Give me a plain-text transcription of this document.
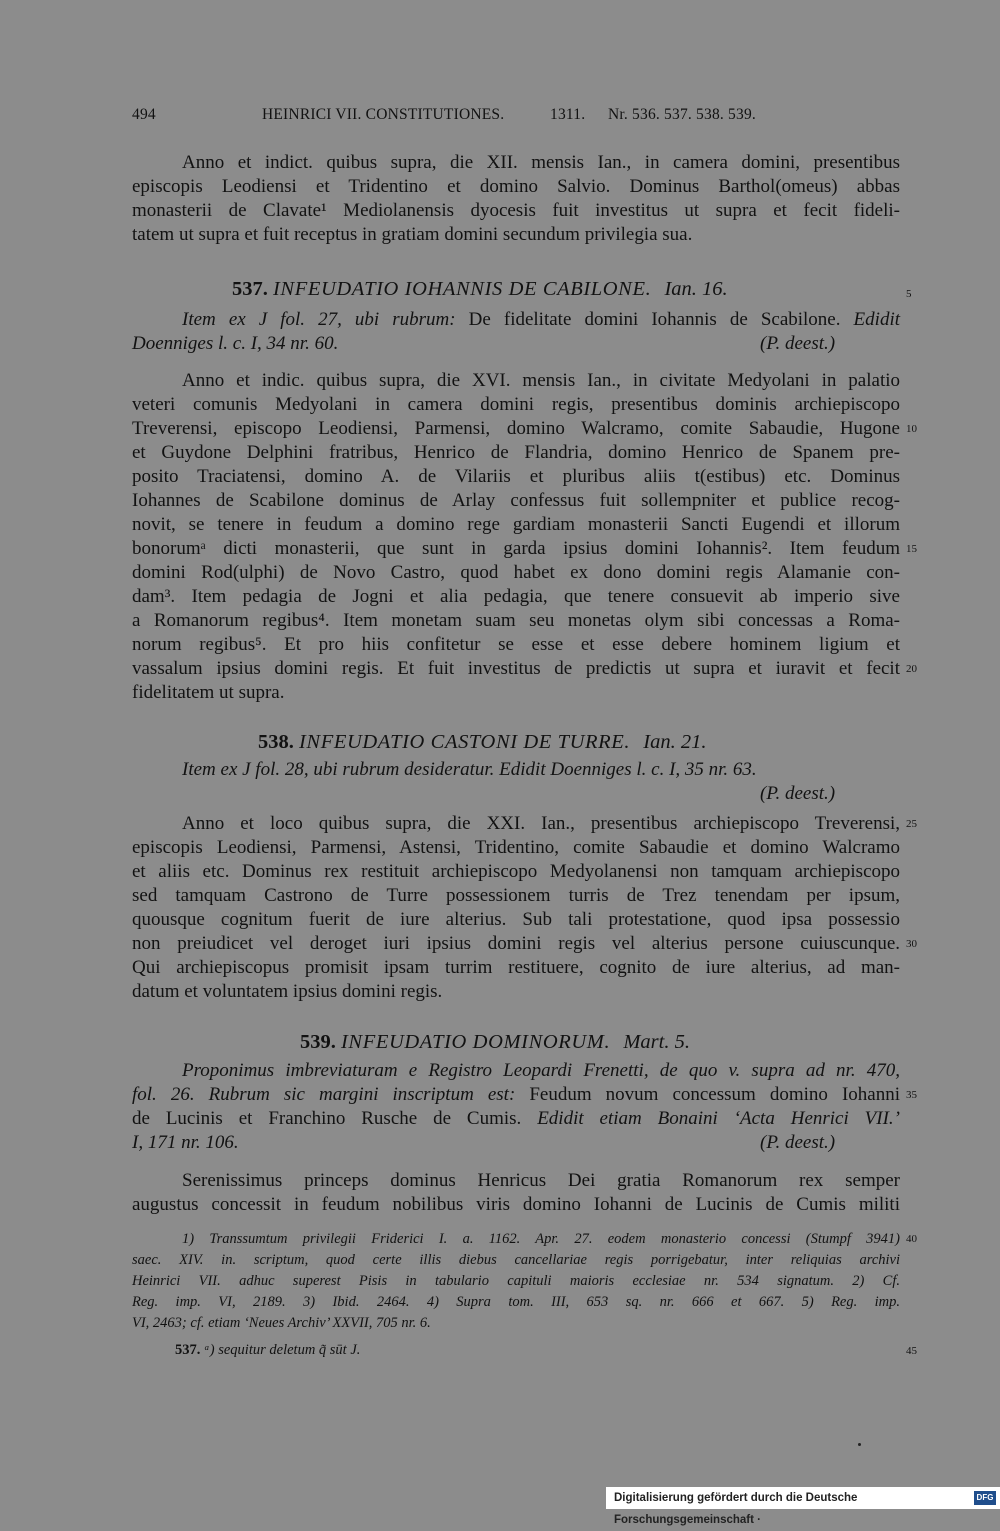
494	HEINRICI VII. CONSTITUTIONES.	1311. Nr. 536. 537. 538. 539.
Anno et indict. quibus supra, die XII. mensis Ian., in camera domini, presentibus
episcopis Leodiensi et Tridentino et domino Salvio. Dominus Barthol(omeus) abbas
monasterii de Clavate¹ Mediolanensis dyocesis fuit investitus ut supra et fecit fideli-
tatem ut supra et fuit receptus in gratiam domini secundum privilegia sua.
537. INFEUDATIO IOHANNIS DE CABILONE. Ian. 16.	5
Item ex J fol. 27, ubi rubrum: De fidelitate domini Iohannis de Scabilone. Edidit
Doenniges l. c. I, 34 nr. 60.	(P. deest.)
Anno et indic. quibus supra, die XVI. mensis Ian., in civitate Medyolani in palatio
veteri comunis Medyolani in camera domini regis, presentibus dominis archiepiscopo
Treverensi, episcopo Leodiensi, Parmensi, domino Walcramo, comite Sabaudie, Hugone
et Guydone Delphini fratribus, Henrico de Flandria, domino Henrico de Spanem pre-
posito Traciatensi, domino A. de Vilariis et pluribus aliis t(estibus) etc. Dominus
Iohannes de Scabilone dominus de Arlay confessus fuit sollempniter et publice recog-
novit, se tenere in feudum a domino rege gardiam monasterii Sancti Eugendi et illorum
bonorumᵃ dicti monasterii, que sunt in garda ipsius domini Iohannis². Item feudum
domini Rod(ulphi) de Novo Castro, quod habet ex dono domini regis Alamanie con-
dam³. Item pedagia de Jogni et alia pedagia, que tenere consuevit ab imperio sive
a Romanorum regibus⁴. Item monetam suam seu monetas olym sibi concessas a Roma-
norum regibus⁵. Et pro hiis confitetur se esse et esse debere hominem ligium et
vassalum ipsius domini regis. Et fuit investitus de predictis ut supra et iuravit et fecit
fidelitatem ut supra.
10
15
20
538. INFEUDATIO CASTONI DE TURRE. Ian. 21.
Item ex J fol. 28, ubi rubrum desideratur. Edidit Doenniges l. c. I, 35 nr. 63.
(P. deest.)
Anno et loco quibus supra, die XXI. Ian., presentibus archiepiscopo Treverensi,
episcopis Leodiensi, Parmensi, Astensi, Tridentino, comite Sabaudie et domino Walcramo
et aliis etc. Dominus rex restituit archiepiscopo Medyolanensi non tamquam archiepiscopo
sed tamquam Castrono de Turre possessionem turris de Trez tenendam per ipsum,
quousque cognitum fuerit de iure alterius. Sub tali protestatione, quod ipsa possessio
non preiudicet vel deroget iuri ipsius domini regis vel alterius persone cuiuscunque.
Qui archiepiscopus promisit ipsam turrim restituere, cognito de iure alterius, ad man-
datum et voluntatem ipsius domini regis.
25
30
539. INFEUDATIO DOMINORUM. Mart. 5.
Proponimus imbreviaturam e Registro Leopardi Frenetti, de quo v. supra ad nr. 470,
fol. 26. Rubrum sic margini inscriptum est: Feudum novum concessum domino Iohanni 35
de Lucinis et Franchino Rusche de Cumis. Edidit etiam Bonaini ‘Acta Henrici VII.’
I, 171 nr. 106.	(P. deest.)
Serenissimus princeps dominus Henricus Dei gratia Romanorum rex semper
augustus concessit in feudum nobilibus viris domino Iohanni de Lucinis de Cumis militi
1) Transsumtum privilegii Friderici I. a. 1162. Apr. 27. eodem monasterio concessi (Stumpf 3941)
saec. XIV. in. scriptum, quod certe illis diebus cancellariae regis porrigebatur, inter reliquias archivi
Heinrici VII. adhuc superest Pisis in tabulario capituli maioris ecclesiae nr. 534 signatum. 2) Cf.
Reg. imp. VI, 2189. 3) Ibid. 2464. 4) Supra tom. III, 653 sq. nr. 666 et 667. 5) Reg. imp.
VI, 2463; cf. etiam ‘Neues Archiv’ XXVII, 705 nr. 6.
40
537. ᵃ) sequitur deletum q̃ sūt J.	45
Digitalisierung gefördert durch die Deutsche Forschungsgemeinschaft ·
DFG
